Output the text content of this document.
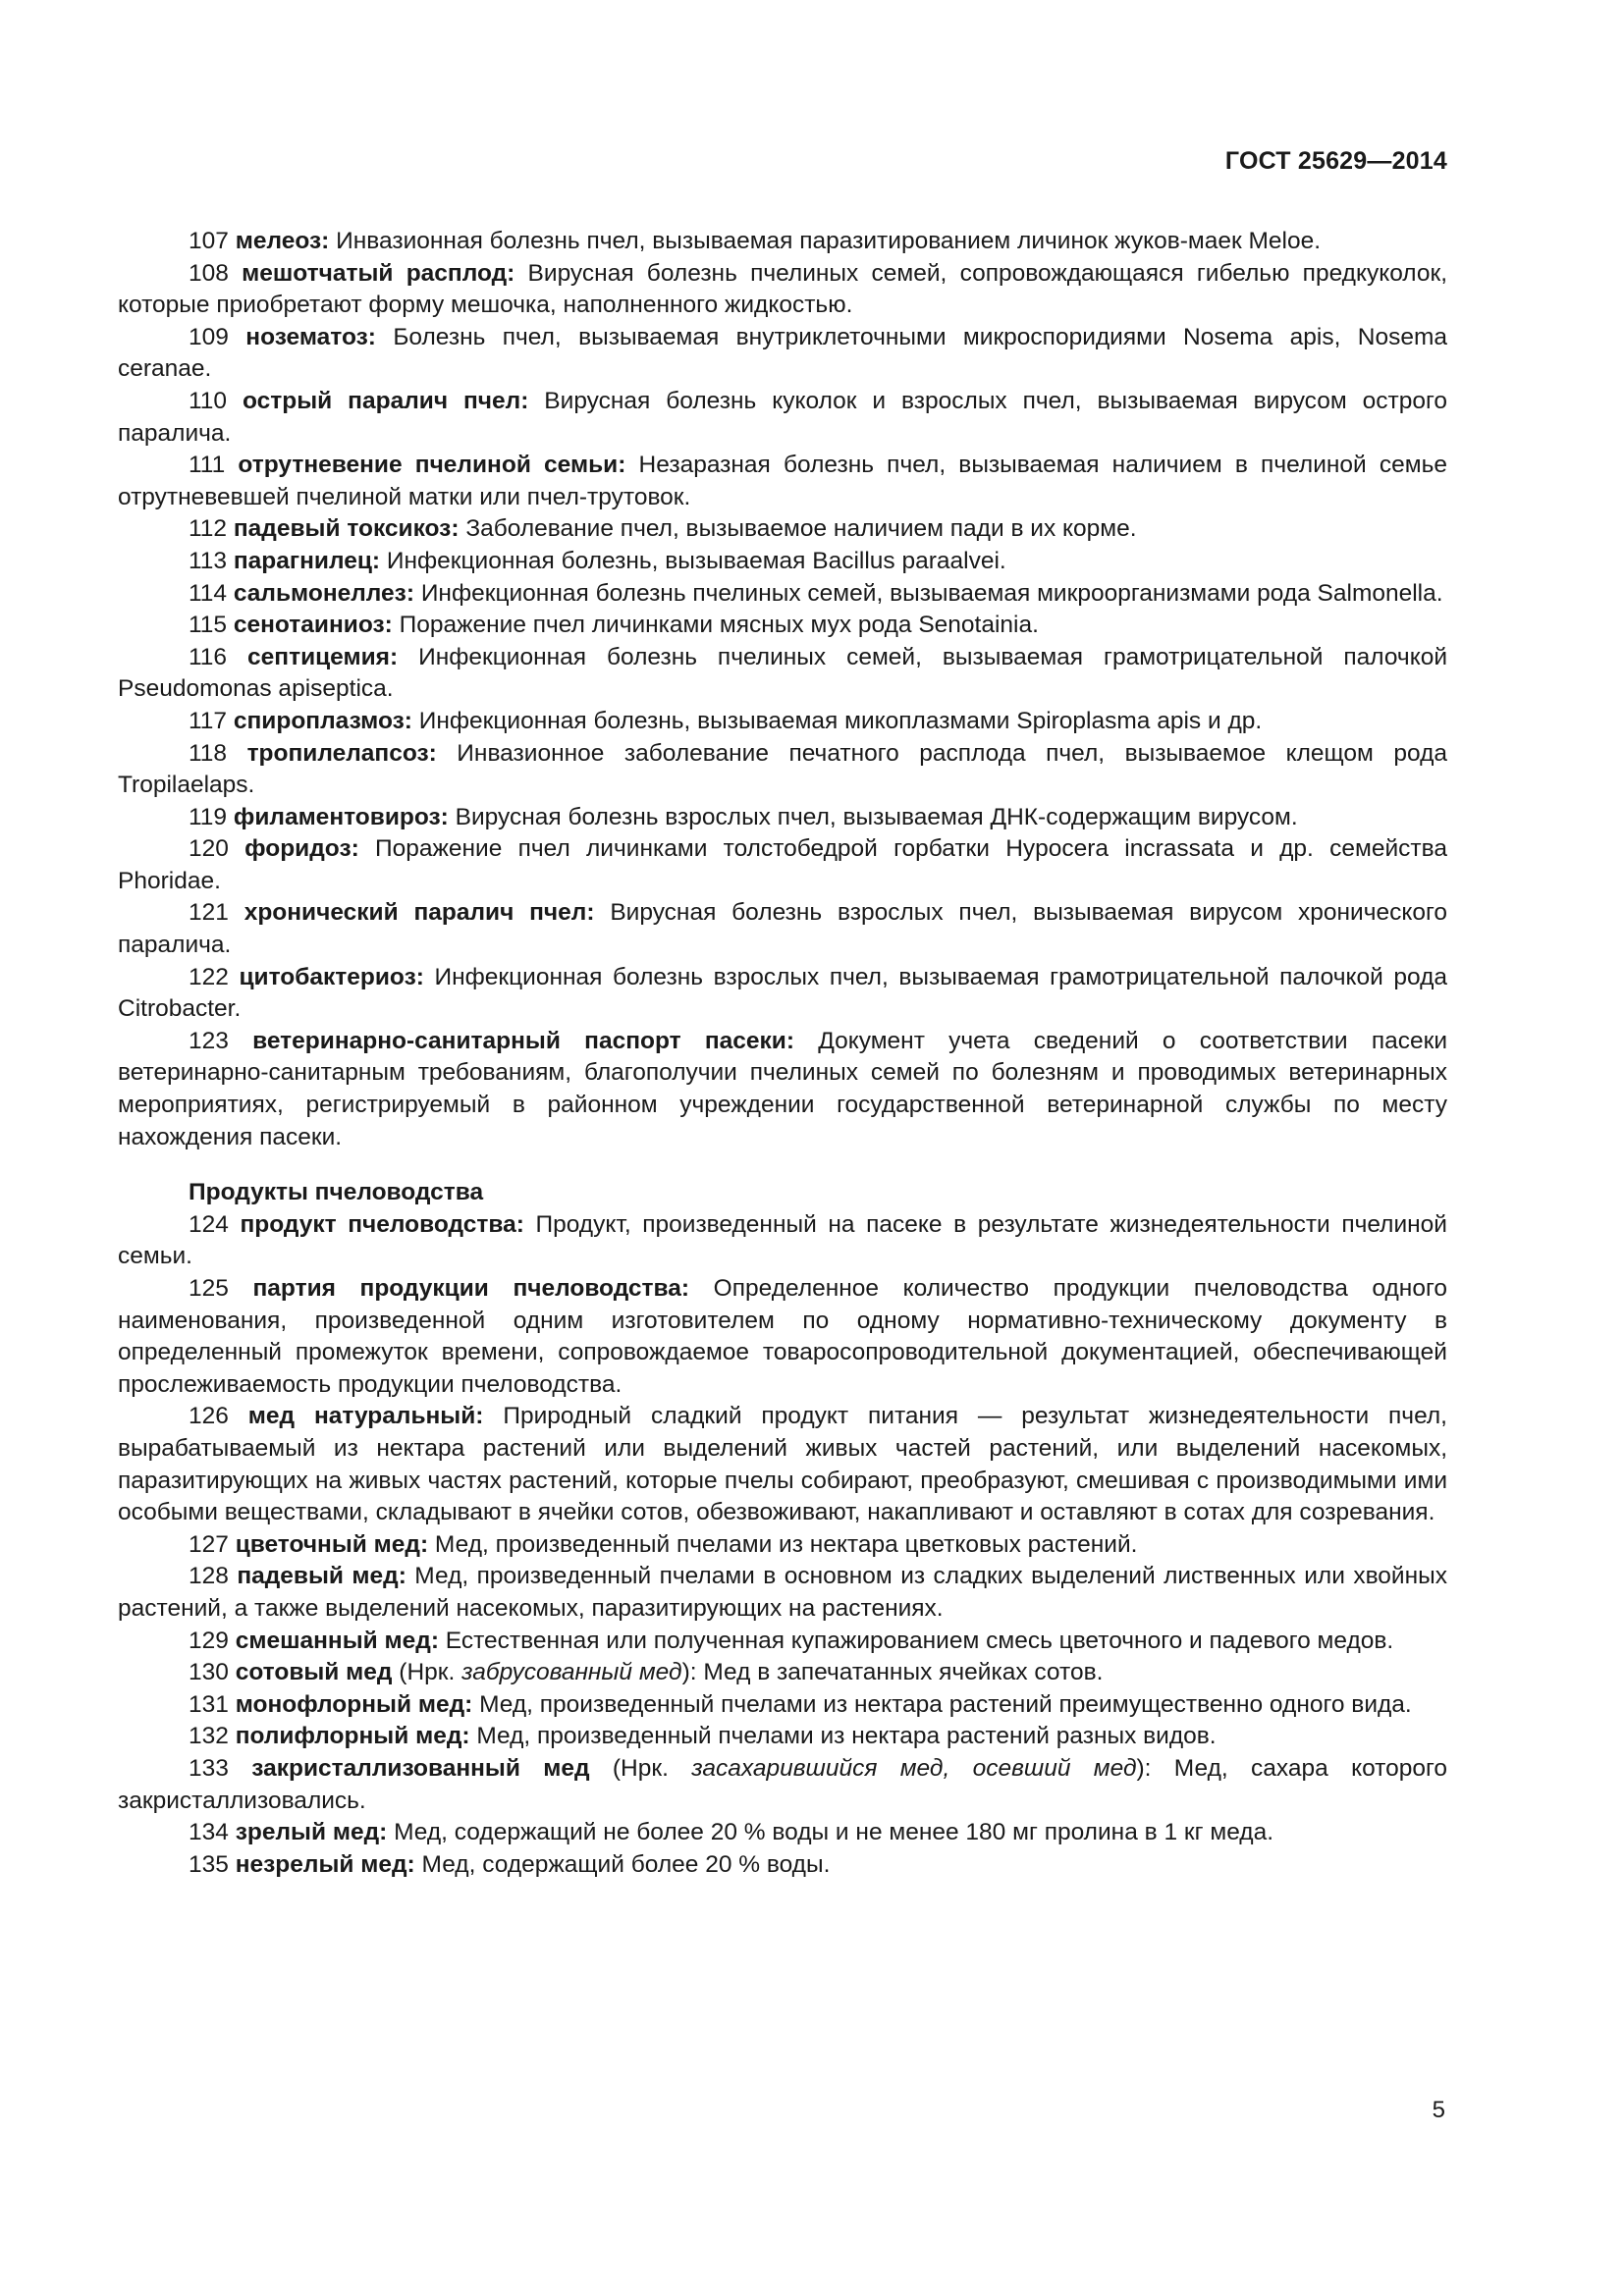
ГОСТ 25629—2014

107 мелеоз: Инвазионная болезнь пчел, вызываемая паразитированием личинок жуков-маек Meloe.

108 мешотчатый расплод: Вирусная болезнь пчелиных семей, сопровождающаяся гибелью предкуколок, которые приобретают форму мешочка, наполненного жидкостью.

109 нозематоз: Болезнь пчел, вызываемая внутриклеточными микроспоридиями Nosema apis, Nosema ceranae.

110 острый паралич пчел: Вирусная болезнь куколок и взрослых пчел, вызываемая вирусом острого паралича.

111 отрутневение пчелиной семьи: Незаразная болезнь пчел, вызываемая наличием в пчелиной семье отрутневевшей пчелиной матки или пчел-трутовок.

112 падевый токсикоз: Заболевание пчел, вызываемое наличием пади в их корме.

113 парагнилец: Инфекционная болезнь, вызываемая Bacillus paraalvei.

114 сальмонеллез: Инфекционная болезнь пчелиных семей, вызываемая микроорганизмами рода Salmonella.

115 сенотаиниоз: Поражение пчел личинками мясных мух рода Senotainia.

116 септицемия: Инфекционная болезнь пчелиных семей, вызываемая грамотрицательной палочкой Pseudomonas apiseptica.

117 спироплазмоз: Инфекционная болезнь, вызываемая микоплазмами Spiroplasma apis и др.

118 тропилелапсоз: Инвазионное заболевание печатного расплода пчел, вызываемое клещом рода Tropilaelaps.

119 филаментовироз: Вирусная болезнь взрослых пчел, вызываемая ДНК-содержащим вирусом.

120 форидоз: Поражение пчел личинками толстобедрой горбатки Hypocera incrassata и др. семейства Phoridae.

121 хронический паралич пчел: Вирусная болезнь взрослых пчел, вызываемая вирусом хронического паралича.

122 цитобактериоз: Инфекционная болезнь взрослых пчел, вызываемая грамотрицательной палочкой рода Citrobacter.

123 ветеринарно-санитарный паспорт пасеки: Документ учета сведений о соответствии пасеки ветеринарно-санитарным требованиям, благополучии пчелиных семей по болезням и проводимых ветеринарных мероприятиях, регистрируемый в районном учреждении государственной ветеринарной службы по месту нахождения пасеки.

Продукты пчеловодства

124 продукт пчеловодства: Продукт, произведенный на пасеке в результате жизнедеятельности пчелиной семьи.

125 партия продукции пчеловодства: Определенное количество продукции пчеловодства одного наименования, произведенной одним изготовителем по одному нормативно-техническому документу в определенный промежуток времени, сопровождаемое товаросопроводительной документацией, обеспечивающей прослеживаемость продукции пчеловодства.

126 мед натуральный: Природный сладкий продукт питания — результат жизнедеятельности пчел, вырабатываемый из нектара растений или выделений живых частей растений, или выделений насекомых, паразитирующих на живых частях растений, которые пчелы собирают, преобразуют, смешивая с производимыми ими особыми веществами, складывают в ячейки сотов, обезвоживают, накапливают и оставляют в сотах для созревания.

127 цветочный мед: Мед, произведенный пчелами из нектара цветковых растений.

128 падевый мед: Мед, произведенный пчелами в основном из сладких выделений лиственных или хвойных растений, а также выделений насекомых, паразитирующих на растениях.

129 смешанный мед: Естественная или полученная купажированием смесь цветочного и падевого медов.

130 сотовый мед (Нрк. забрусованный мед): Мед в запечатанных ячейках сотов.

131 монофлорный мед: Мед, произведенный пчелами из нектара растений преимущественно одного вида.

132 полифлорный мед: Мед, произведенный пчелами из нектара растений разных видов.

133 закристаллизованный мед (Нрк. засахарившийся мед, осевший мед): Мед, сахара которого закристаллизовались.

134 зрелый мед: Мед, содержащий не более 20 % воды и не менее 180 мг пролина в 1 кг меда.

135 незрелый мед: Мед, содержащий более 20 % воды.

5
